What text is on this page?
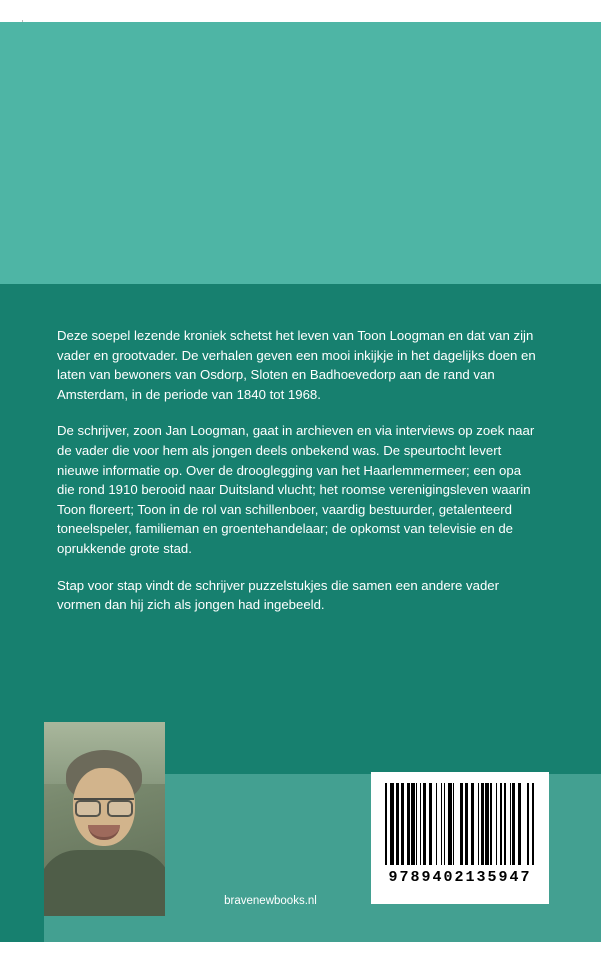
Deze soepel lezende kroniek schetst het leven van Toon Loogman en dat van zijn vader en grootvader. De verhalen geven een mooi inkijkje in het dagelijks doen en laten van bewoners van Osdorp, Sloten en Badhoevedorp aan de rand van Amsterdam, in de periode van 1840 tot 1968.

De schrijver, zoon Jan Loogman, gaat in archieven en via interviews op zoek naar de vader die voor hem als jongen deels onbekend was. De speurtocht levert nieuwe informatie op. Over de drooglegging van het Haarlemmermeer; een opa die rond 1910 berooid naar Duitsland vlucht; het roomse verenigingsleven waarin Toon floreert; Toon in de rol van schillenboer, vaardig bestuurder, getalenteerd toneelspeler, familieman en groentehandelaar; de opkomst van televisie en de oprukkende grote stad.

Stap voor stap vindt de schrijver puzzelstukjes die samen een andere vader vormen dan hij zich als jongen had ingebeeld.

9789402135947
bravenewbooks.nl
